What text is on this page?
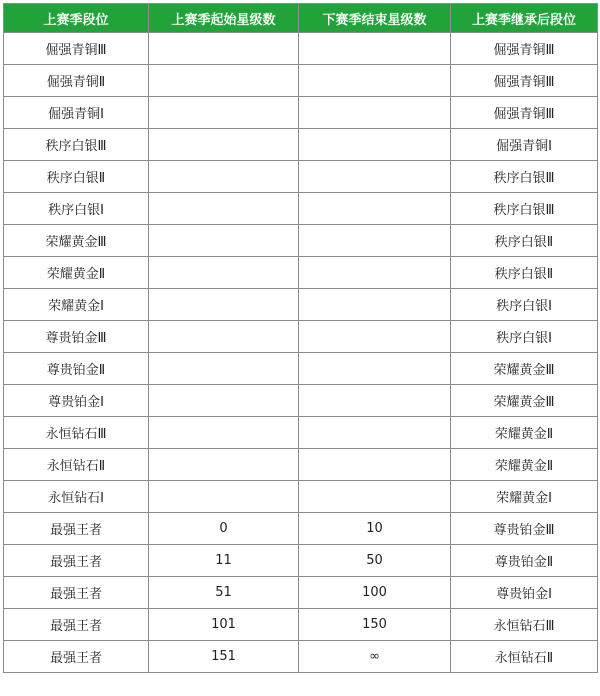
上赛季段位	上赛季起始星级数	下赛季结束星级数	上赛季继承后段位
倔强青铜Ⅲ			倔强青铜Ⅲ
倔强青铜Ⅱ			倔强青铜Ⅲ
倔强青铜Ⅰ			倔强青铜Ⅲ
秩序白银Ⅲ			倔强青铜Ⅰ
秩序白银Ⅱ			秩序白银Ⅲ
秩序白银Ⅰ			秩序白银Ⅲ
荣耀黄金Ⅲ			秩序白银Ⅱ
荣耀黄金Ⅱ			秩序白银Ⅱ
荣耀黄金Ⅰ			秩序白银Ⅰ
尊贵铂金Ⅲ			秩序白银Ⅰ
尊贵铂金Ⅱ			荣耀黄金Ⅲ
尊贵铂金Ⅰ			荣耀黄金Ⅲ
永恒钻石Ⅲ			荣耀黄金Ⅱ
永恒钻石Ⅱ			荣耀黄金Ⅱ
永恒钻石Ⅰ			荣耀黄金Ⅰ
最强王者	0	10	尊贵铂金Ⅲ
最强王者	11	50	尊贵铂金Ⅱ
最强王者	51	100	尊贵铂金Ⅰ
最强王者	101	150	永恒钻石Ⅲ
最强王者	151	∞	永恒钻石Ⅱ
